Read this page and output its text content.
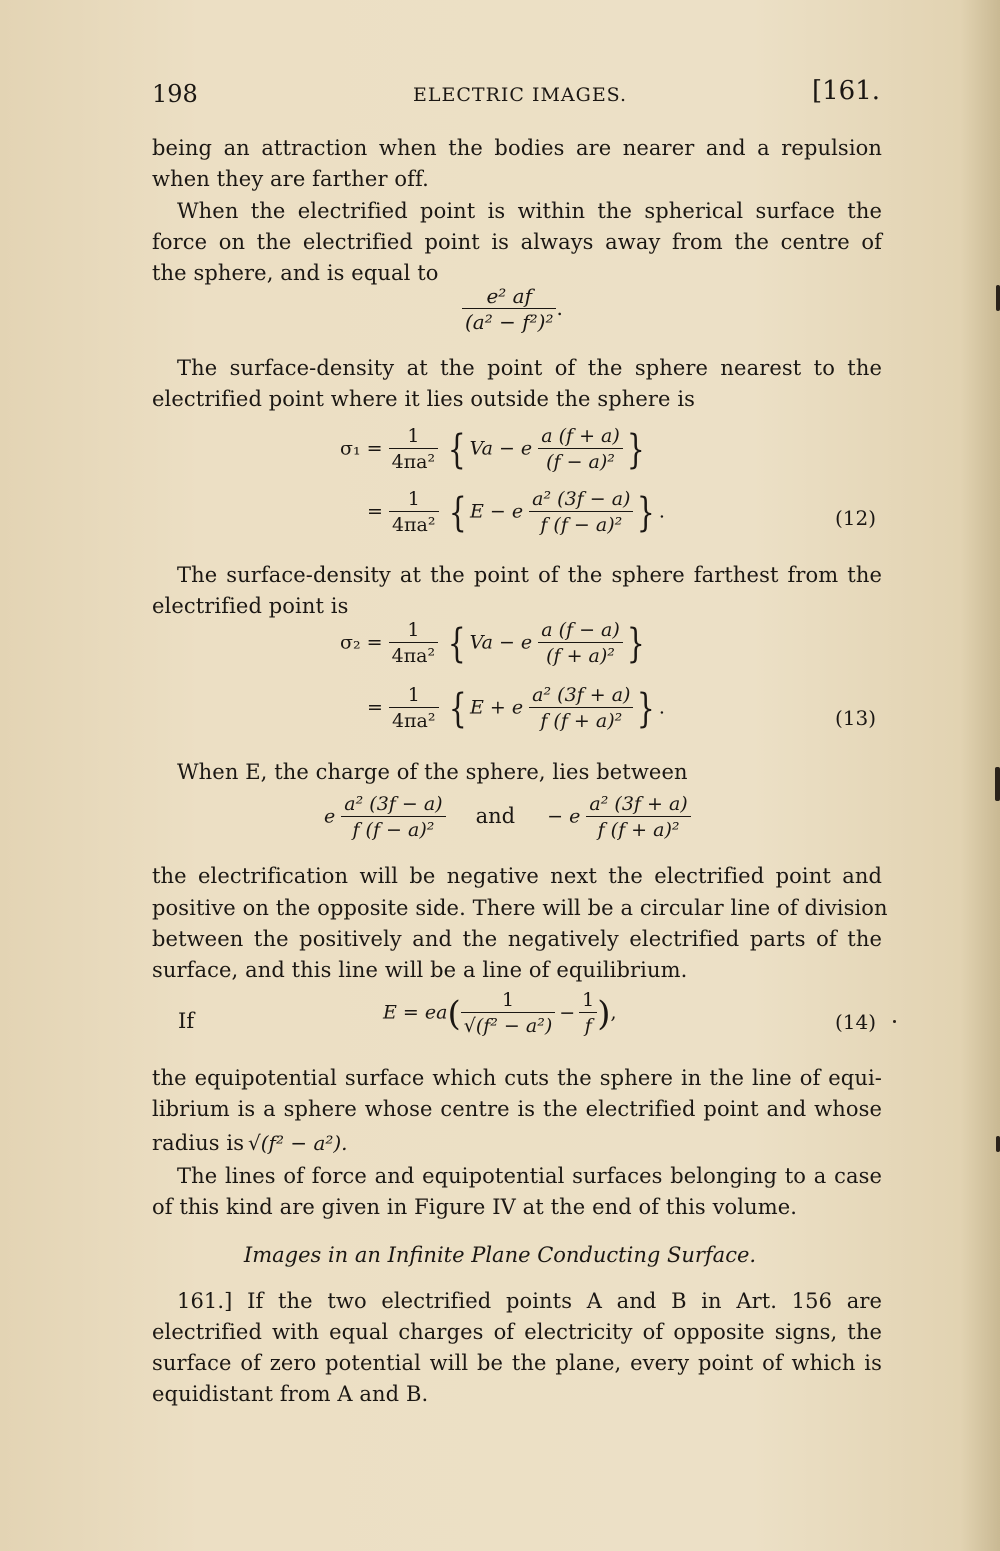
198	ELECTRIC IMAGES.	[161.
being an attraction when the bodies are nearer and a repulsion
when they are farther off.
When the electrified point is within the spherical surface the
force on the electrified point is always away from the centre of
the sphere, and is equal to
$\frac{\text{e² af}}{\text{(a² − f²)²}}$ .
The surface-density at the point of the sphere nearest to the
electrified point where it lies outside the sphere is
$\sigma_1 = \frac{1}{\text{4πa²}}$ { Va − e $\frac{a (f + a)}{\text{(f − a)²}}$ }
= $\frac{1}{\text{4πa²}}$ { E − e $\frac{\text{a² (3f − a)}}{\text{f (f − a)²}}$ } .	(12)
The surface-density at the point of the sphere farthest from the
electrified point is
$\sigma_2 = \frac{1}{\text{4πa²}}$ { Va − e $\frac{a (f - a)}{\text{(f + a)²}}$ }
= $\frac{1}{\text{4πa²}}$ { E + e $\frac{\text{a² (3f + a)}}{\text{f (f + a)²}}$ } .	(13)
When E, the charge of the sphere, lies between
e $\frac{\text{a² (3f − a)}}{\text{f (f − a)²}}$ and − e $\frac{\text{a² (3f + a)}}{\text{f (f + a)²}}$
the electrification will be negative next the electrified point and
positive on the opposite side. There will be a circular line of division
between the positively and the negatively electrified parts of the
surface, and this line will be a line of equilibrium.
If	$E = ea( \frac{1}{\text{√(f² − a²)}} - \frac{1}{f}$ ),	(14)
the equipotential surface which cuts the sphere in the line of equi-
librium is a sphere whose centre is the electrified point and whose
radius is √(f² − a²).
The lines of force and equipotential surfaces belonging to a case
of this kind are given in Figure IV at the end of this volume.
Images in an Infinite Plane Conducting Surface.
161.] If the two electrified points A and B in Art. 156 are
electrified with equal charges of electricity of opposite signs, the
surface of zero potential will be the plane, every point of which is
equidistant from A and B.
